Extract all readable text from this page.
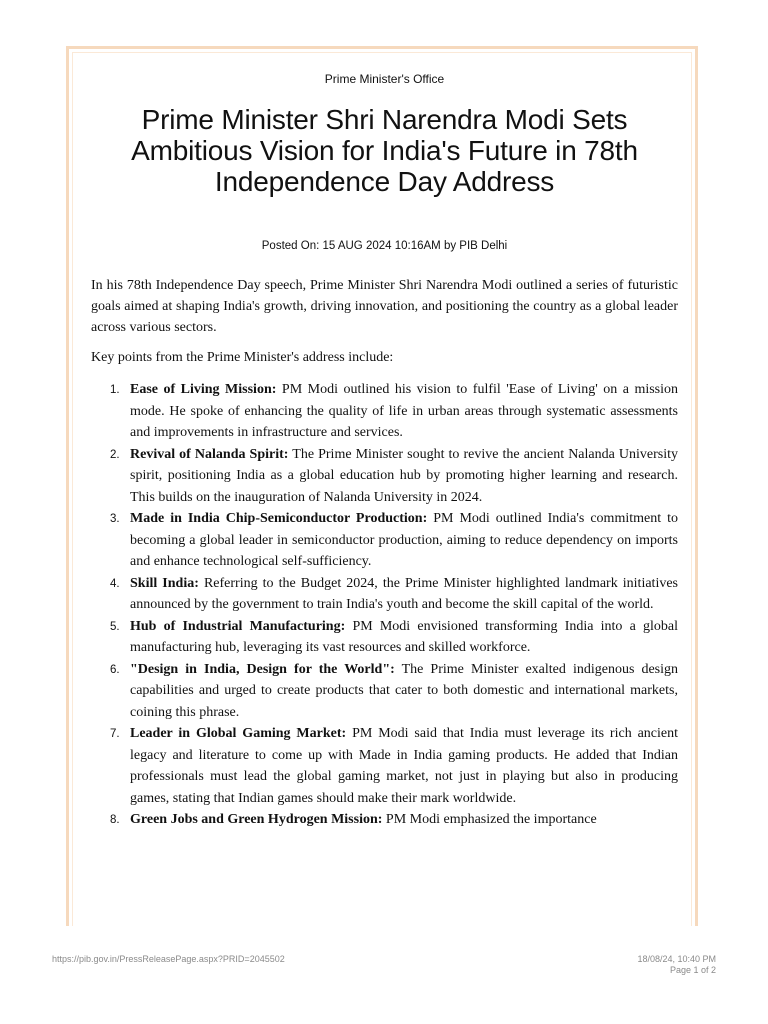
Prime Minister's Office
Prime Minister Shri Narendra Modi Sets Ambitious Vision for India's Future in 78th Independence Day Address
Posted On: 15 AUG 2024 10:16AM by PIB Delhi

In his 78th Independence Day speech, Prime Minister Shri Narendra Modi outlined a series of futuristic goals aimed at shaping India's growth, driving innovation, and positioning the country as a global leader across various sectors.

Key points from the Prime Minister's address include:

1. Ease of Living Mission: PM Modi outlined his vision to fulfil 'Ease of Living' on a mission mode. He spoke of enhancing the quality of life in urban areas through systematic assessments and improvements in infrastructure and services.
2. Revival of Nalanda Spirit: The Prime Minister sought to revive the ancient Nalanda University spirit, positioning India as a global education hub by promoting higher learning and research. This builds on the inauguration of Nalanda University in 2024.
3. Made in India Chip-Semiconductor Production: PM Modi outlined India's commitment to becoming a global leader in semiconductor production, aiming to reduce dependency on imports and enhance technological self-sufficiency.
4. Skill India: Referring to the Budget 2024, the Prime Minister highlighted landmark initiatives announced by the government to train India's youth and become the skill capital of the world.
5. Hub of Industrial Manufacturing: PM Modi envisioned transforming India into a global manufacturing hub, leveraging its vast resources and skilled workforce.
6. "Design in India, Design for the World": The Prime Minister exalted indigenous design capabilities and urged to create products that cater to both domestic and international markets, coining this phrase.
7. Leader in Global Gaming Market: PM Modi said that India must leverage its rich ancient legacy and literature to come up with Made in India gaming products. He added that Indian professionals must lead the global gaming market, not just in playing but also in producing games, stating that Indian games should make their mark worldwide.
8. Green Jobs and Green Hydrogen Mission: PM Modi emphasized the importance
https://pib.gov.in/PressReleasePage.aspx?PRID=2045502	18/08/24, 10:40 PM
Page 1 of 2
